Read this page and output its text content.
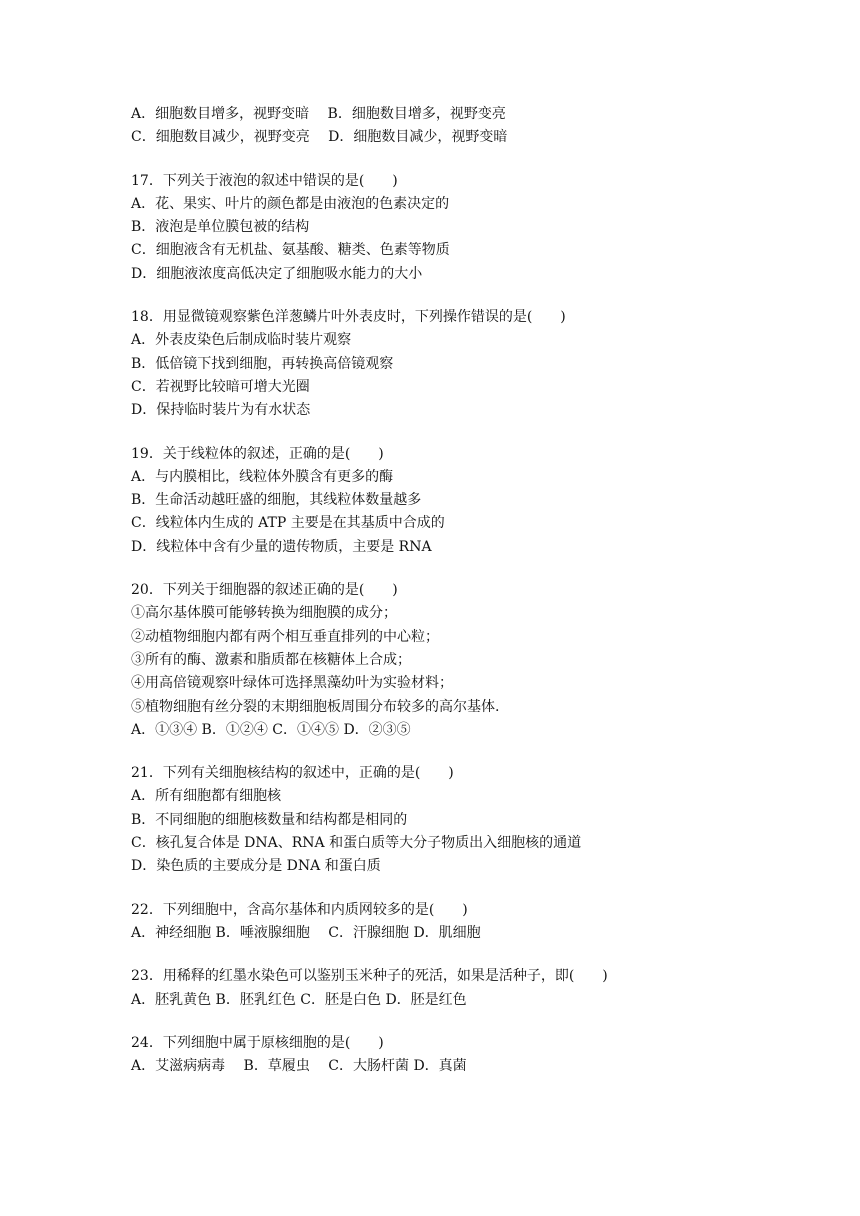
A．细胞数目增多，视野变暗　 B．细胞数目增多，视野变亮
C．细胞数目减少，视野变亮　 D．细胞数目减少，视野变暗
17．下列关于液泡的叙述中错误的是(　　)
A．花、果实、叶片的颜色都是由液泡的色素决定的
B．液泡是单位膜包被的结构
C．细胞液含有无机盐、氨基酸、糖类、色素等物质
D．细胞液浓度高低决定了细胞吸水能力的大小
18．用显微镜观察紫色洋葱鳞片叶外表皮时，下列操作错误的是(　　)
A．外表皮染色后制成临时装片观察
B．低倍镜下找到细胞，再转换高倍镜观察
C．若视野比较暗可增大光圈
D．保持临时装片为有水状态
19．关于线粒体的叙述，正确的是(　　)
A．与内膜相比，线粒体外膜含有更多的酶
B．生命活动越旺盛的细胞，其线粒体数量越多
C．线粒体内生成的 ATP 主要是在其基质中合成的
D．线粒体中含有少量的遗传物质，主要是 RNA
20．下列关于细胞器的叙述正确的是(　　)
①高尔基体膜可能够转换为细胞膜的成分；
②动植物细胞内都有两个相互垂直排列的中心粒；
③所有的酶、激素和脂质都在核糖体上合成；
④用高倍镜观察叶绿体可选择黑藻幼叶为实验材料；
⑤植物细胞有丝分裂的末期细胞板周围分布较多的高尔基体.
A．①③④ B．①②④ C．①④⑤ D．②③⑤
21．下列有关细胞核结构的叙述中，正确的是(　　)
A．所有细胞都有细胞核
B．不同细胞的细胞核数量和结构都是相同的
C．核孔复合体是 DNA、RNA 和蛋白质等大分子物质出入细胞核的通道
D．染色质的主要成分是 DNA 和蛋白质
22．下列细胞中，含高尔基体和内质网较多的是(　　)
A．神经细胞 B．唾液腺细胞　 C．汗腺细胞 D．肌细胞
23．用稀释的红墨水染色可以鉴别玉米种子的死活，如果是活种子，即(　　)
A．胚乳黄色 B．胚乳红色 C．胚是白色 D．胚是红色
24．下列细胞中属于原核细胞的是(　　)
A．艾滋病病毒　 B．草履虫　 C．大肠杆菌 D．真菌
